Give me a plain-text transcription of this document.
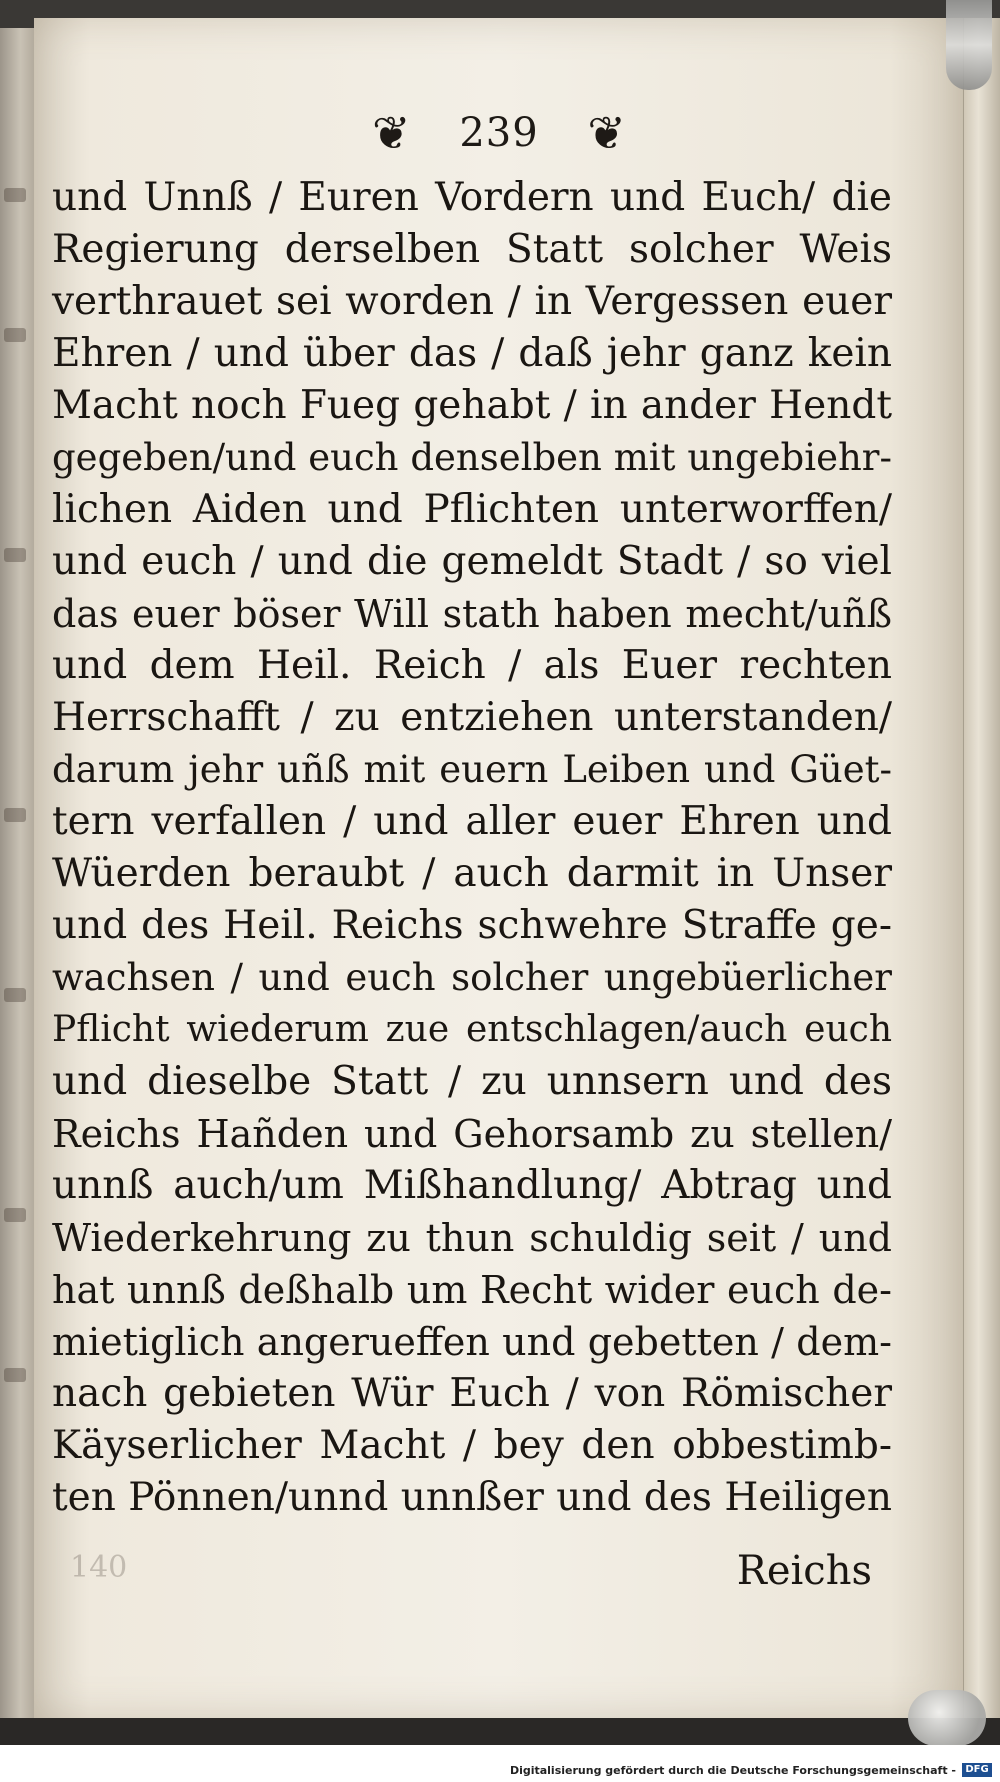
❦ 239 ❦
und Unnß / Euren Vordern und Euch/ die
Regierung derselben Statt solcher Weis
verthrauet sei worden / in Vergessen euer
Ehren / und über das / daß jehr ganz kein
Macht noch Fueg gehabt / in ander Hendt
gegeben/und euch denselben mit ungebiehr-
lichen Aiden und Pflichten unterworffen/
und euch / und die gemeldt Stadt / so viel
das euer böser Will stath haben mecht/uñß
und dem Heil. Reich / als Euer rechten
Herrschafft / zu entziehen unterstanden/
darum jehr uñß mit euern Leiben und Güet-
tern verfallen / und aller euer Ehren und
Wüerden beraubt / auch darmit in Unser
und des Heil. Reichs schwehre Straffe ge-
wachsen / und euch solcher ungebüerlicher
Pflicht wiederum zue entschlagen/auch euch
und dieselbe Statt / zu unnsern und des
Reichs Hañden und Gehorsamb zu stellen/
unnß auch/um Mißhandlung/ Abtrag und
Wiederkehrung zu thun schuldig seit / und
hat unnß deßhalb um Recht wider euch de-
mietiglich angerueffen und gebetten / dem-
nach gebieten Wür Euch / von Römischer
Käyserlicher Macht / bey den obbestimb-
ten Pönnen/unnd unnßer und des Heiligen
140	Reichs
Digitalisierung gefördert durch die Deutsche Forschungsgemeinschaft - DFG
